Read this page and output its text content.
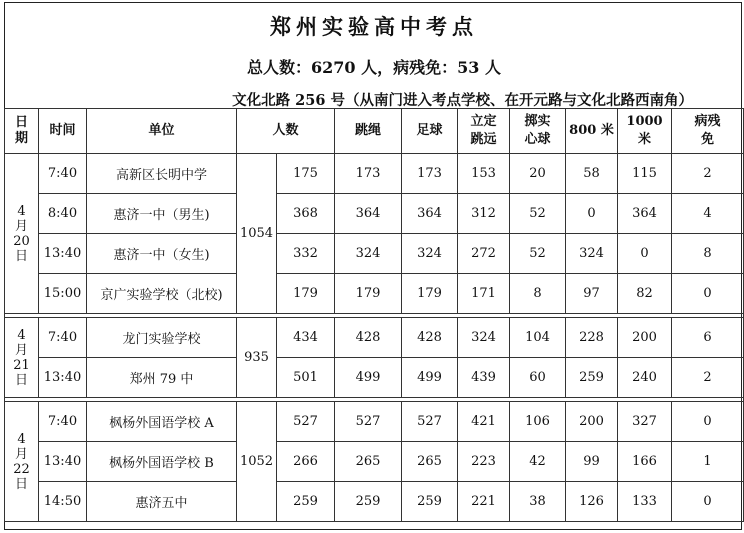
郑州实验高中考点
总人数：6270 人，病残免：53 人
文化北路 256 号（从南门进入考点学校、在开元路与文化北路西南角）
日期	时间	单位	人数		跳绳	足球	立定跳远	掷实心球	800 米	1000 米	病残免

4
月
20
日	7:40	高新区长明中学	1054	175	173	173	153	20	58	115	2
	8:40	惠济一中（男生)		368	364	364	312	52	0	364	4
	13:40	惠济一中（女生)		332	324	324	272	52	324	0	8
	15:00	京广实验学校（北校)		179	179	179	171	8	97	82	0

4
月
21
日	7:40	龙门实验学校	935	434	428	428	324	104	228	200	6
	13:40	郑州 79 中		501	499	499	439	60	259	240	2

4
月
22
日	7:40	枫杨外国语学校 A	1052	527	527	527	421	106	200	327	0
	13:40	枫杨外国语学校 B		266	265	265	223	42	99	166	1
	14:50	惠济五中		259	259	259	221	38	126	133	0
